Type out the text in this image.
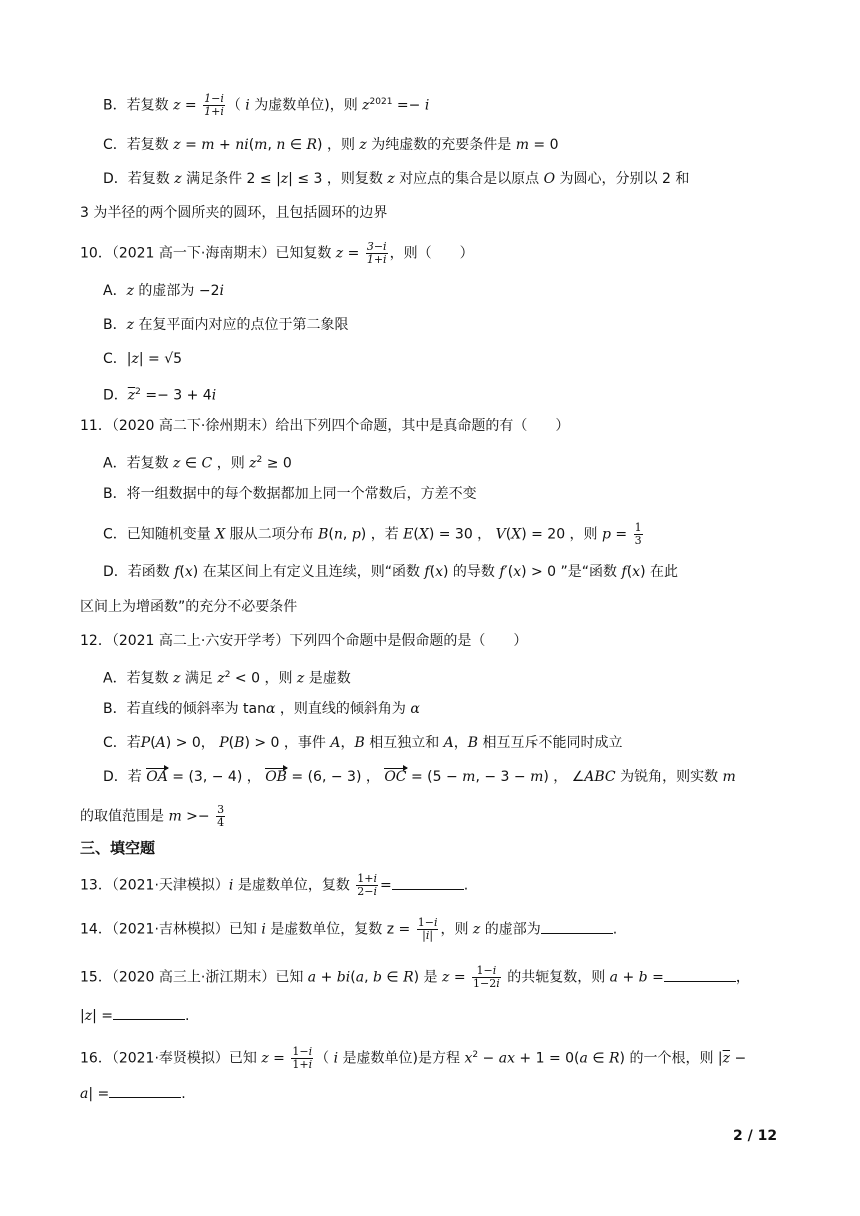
B．若复数 $z = \frac{1-i}{1+i}$ （ i 为虚数单位)，则 $z^{2021} =- i$
C．若复数 z = m + ni(m, n ∈ R) ，则 z 为纯虚数的充要条件是 m = 0
D．若复数 z 满足条件 2 ≤ |z| ≤ 3 ，则复数 z 对应点的集合是以原点 O 为圆心，分别以 2 和
3 为半径的两个圆所夹的圆环，且包括圆环的边界
10．（2021 高一下·海南期末）已知复数 $z = \frac{3-i}{1+i}$ ，则（　　）
A．z 的虚部为 −2i
B．z 在复平面内对应的点位于第二象限
C．|z| = √5
D．$\overline{z}^2 =- 3 + 4i$
11．（2020 高二下·徐州期末）给出下列四个命题，其中是真命题的有（　　）
A．若复数 z ∈ C ，则 $z^2 \ge 0$
B．将一组数据中的每个数据都加上同一个常数后，方差不变
C．已知随机变量 X 服从二项分布 B(n, p) ，若 E(X) = 30 ， V(X) = 20 ，则 $p = \frac{1}{3}$
D．若函数 f(x) 在某区间上有定义且连续，则“函数 f(x) 的导数 f′(x) > 0 ”是“函数 f(x) 在此
区间上为增函数”的充分不必要条件
12．（2021 高二上·六安开学考）下列四个命题中是假命题的是（　　）
A．若复数 z 满足 $z^2 < 0$ ，则 z 是虚数
B．若直线的倾斜率为 tanα ，则直线的倾斜角为 α
C．若P(A) > 0， P(B) > 0 ，事件 A，B 相互独立和 A，B 相互互斥不能同时成立
D．若 OA = (3, − 4) ， OB = (6, − 3) ， OC = (5 − m, − 3 − m) ， ∠ABC 为锐角，则实数 m
的取值范围是 $m >- \frac{3}{4}$
三、填空题
13．（2021·天津模拟）i 是虚数单位，复数 $\frac{1+i}{2-i}$ =	.
14．（2021·吉林模拟）已知 i 是虚数单位，复数 $z = \frac{1-i}{|i|}$ ，则 z 的虚部为	.
15．（2020 高三上·浙江期末）已知 a + bi(a, b ∈ R) 是 $z = \frac{1-i}{1-2i}$ 的共轭复数，则 a + b =	，
|z| =	.
16．（2021·奉贤模拟）已知 $z = \frac{1-i}{1+i}$ （ i 是虚数单位)是方程 $x^2$ − ax + 1 = 0(a ∈ R) 的一个根，则 $|\overline{z}$ −
a| =	.
2 / 12
